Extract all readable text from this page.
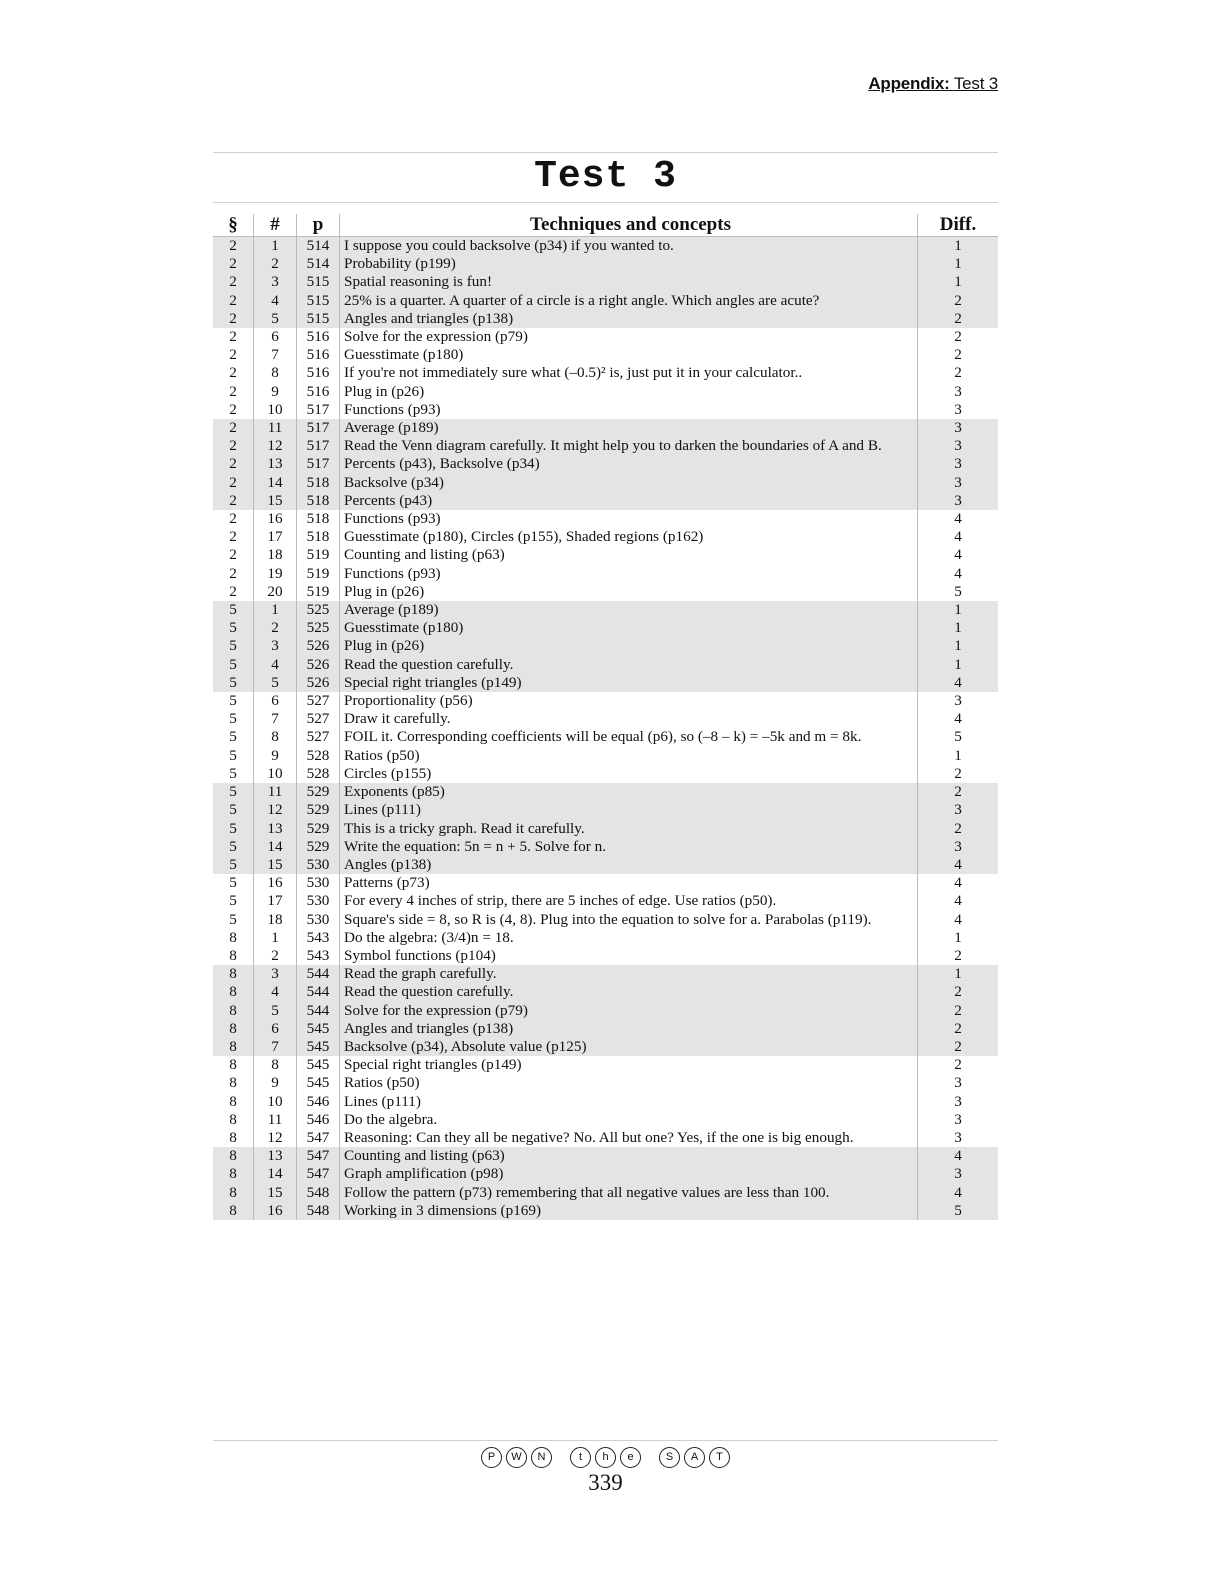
Appendix: Test 3
Test 3
§	#	p	Techniques and concepts	Diff.
2	1	514	I suppose you could backsolve (p34) if you wanted to.	1
2	2	514	Probability (p199)	1
2	3	515	Spatial reasoning is fun!	1
2	4	515	25% is a quarter. A quarter of a circle is a right angle. Which angles are acute?	2
2	5	515	Angles and triangles (p138)	2
2	6	516	Solve for the expression (p79)	2
2	7	516	Guesstimate (p180)	2
2	8	516	If you're not immediately sure what (–0.5)² is, just put it in your calculator..	2
2	9	516	Plug in (p26)	3
2	10	517	Functions (p93)	3
2	11	517	Average (p189)	3
2	12	517	Read the Venn diagram carefully. It might help you to darken the boundaries of A and B.	3
2	13	517	Percents (p43), Backsolve (p34)	3
2	14	518	Backsolve (p34)	3
2	15	518	Percents (p43)	3
2	16	518	Functions (p93)	4
2	17	518	Guesstimate (p180), Circles (p155), Shaded regions (p162)	4
2	18	519	Counting and listing (p63)	4
2	19	519	Functions (p93)	4
2	20	519	Plug in (p26)	5
5	1	525	Average (p189)	1
5	2	525	Guesstimate (p180)	1
5	3	526	Plug in (p26)	1
5	4	526	Read the question carefully.	1
5	5	526	Special right triangles (p149)	4
5	6	527	Proportionality (p56)	3
5	7	527	Draw it carefully.	4
5	8	527	FOIL it. Corresponding coefficients will be equal (p6), so (–8 – k) = –5k and m = 8k.	5
5	9	528	Ratios (p50)	1
5	10	528	Circles (p155)	2
5	11	529	Exponents (p85)	2
5	12	529	Lines (p111)	3
5	13	529	This is a tricky graph. Read it carefully.	2
5	14	529	Write the equation: 5n = n + 5. Solve for n.	3
5	15	530	Angles (p138)	4
5	16	530	Patterns (p73)	4
5	17	530	For every 4 inches of strip, there are 5 inches of edge. Use ratios (p50).	4
5	18	530	Square's side = 8, so R is (4, 8). Plug into the equation to solve for a. Parabolas (p119).	4
8	1	543	Do the algebra: (3/4)n = 18.	1
8	2	543	Symbol functions (p104)	2
8	3	544	Read the graph carefully.	1
8	4	544	Read the question carefully.	2
8	5	544	Solve for the expression (p79)	2
8	6	545	Angles and triangles (p138)	2
8	7	545	Backsolve (p34), Absolute value (p125)	2
8	8	545	Special right triangles (p149)	2
8	9	545	Ratios (p50)	3
8	10	546	Lines (p111)	3
8	11	546	Do the algebra.	3
8	12	547	Reasoning: Can they all be negative? No. All but one? Yes, if the one is big enough.	3
8	13	547	Counting and listing (p63)	4
8	14	547	Graph amplification (p98)	3
8	15	548	Follow the pattern (p73) remembering that all negative values are less than 100.	4
8	16	548	Working in 3 dimensions (p169)	5
P W N	t h e	S A T
339
